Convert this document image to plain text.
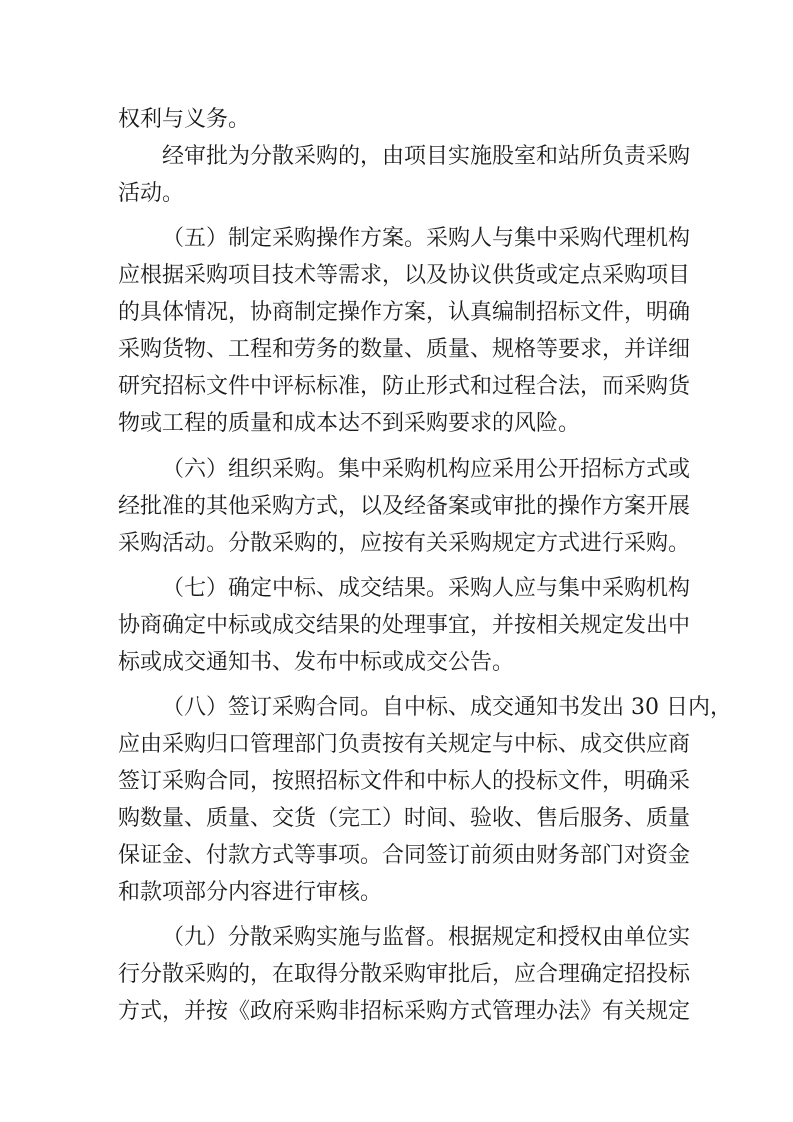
权利与义务。
经审批为分散采购的，由项目实施股室和站所负责采购
活动。
（五）制定采购操作方案。采购人与集中采购代理机构
应根据采购项目技术等需求，以及协议供货或定点采购项目
的具体情况，协商制定操作方案，认真编制招标文件，明确
采购货物、工程和劳务的数量、质量、规格等要求，并详细
研究招标文件中评标标准，防止形式和过程合法，而采购货
物或工程的质量和成本达不到采购要求的风险。
（六）组织采购。集中采购机构应采用公开招标方式或
经批准的其他采购方式，以及经备案或审批的操作方案开展
采购活动。分散采购的，应按有关采购规定方式进行采购。
（七）确定中标、成交结果。采购人应与集中采购机构
协商确定中标或成交结果的处理事宜，并按相关规定发出中
标或成交通知书、发布中标或成交公告。
（八）签订采购合同。自中标、成交通知书发出 30 日内，
应由采购归口管理部门负责按有关规定与中标、成交供应商
签订采购合同，按照招标文件和中标人的投标文件，明确采
购数量、质量、交货（完工）时间、验收、售后服务、质量
保证金、付款方式等事项。合同签订前须由财务部门对资金
和款项部分内容进行审核。
（九）分散采购实施与监督。根据规定和授权由单位实
行分散采购的，在取得分散采购审批后，应合理确定招投标
方式，并按《政府采购非招标采购方式管理办法》有关规定
